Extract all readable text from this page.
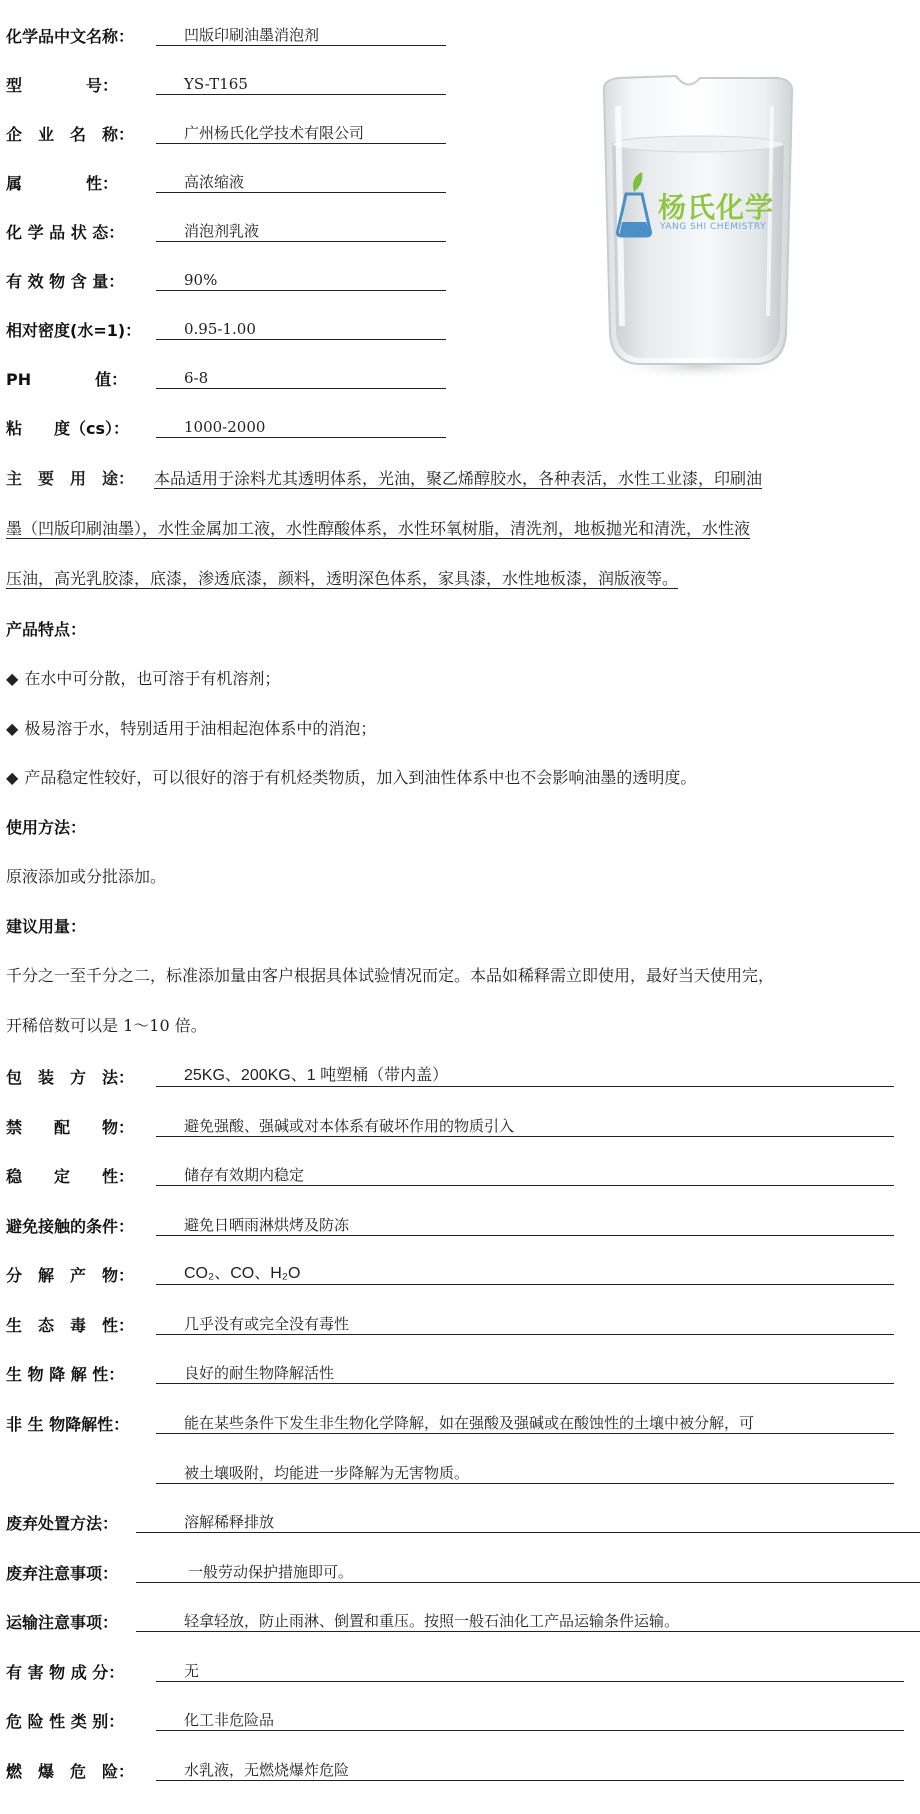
化学品中文名称：	凹版印刷油墨消泡剂
型　　　　号：	YS-T165
企　业　名　称：	广州杨氏化学技术有限公司
属　　　　性：	高浓缩液
化 学 品 状 态：	消泡剂乳液
有 效 物 含 量：	90%
相对密度(水=1)：	0.95-1.00
PH　　　　值：	6-8
粘　　度（cs）：	1000-2000
杨氏化学
YANG SHI CHEMISTRY
主　要　用　途： 本品适用于涂料尤其透明体系，光油，聚乙烯醇胶水，各种表活，水性工业漆，印刷油
墨（凹版印刷油墨），水性金属加工液，水性醇酸体系，水性环氧树脂，清洗剂，地板抛光和清洗，水性液
压油，高光乳胶漆，底漆，渗透底漆，颜料，透明深色体系，家具漆，水性地板漆，润版液等。
产品特点：
◆ 在水中可分散，也可溶于有机溶剂；
◆ 极易溶于水，特别适用于油相起泡体系中的消泡；
◆ 产品稳定性较好，可以很好的溶于有机烃类物质，加入到油性体系中也不会影响油墨的透明度。
使用方法：
原液添加或分批添加。
建议用量：
千分之一至千分之二，标准添加量由客户根据具体试验情况而定。本品如稀释需立即使用，最好当天使用完，
开稀倍数可以是 1～10 倍。
包　装　方　法：	25KG、200KG、1 吨塑桶（带内盖）
禁　　配　　物：	避免强酸、强碱或对本体系有破坏作用的物质引入
稳　　定　　性：	储存有效期内稳定
避免接触的条件：	避免日晒雨淋烘烤及防冻
分　解　产　物：	CO₂、CO、H₂O
生　态　毒　性：	几乎没有或完全没有毒性
生 物 降 解 性：	良好的耐生物降解活性
非 生 物降解性：	能在某些条件下发生非生物化学降解，如在强酸及强碱或在酸蚀性的土壤中被分解，可
被土壤吸附，均能进一步降解为无害物质。
废弃处置方法：	溶解稀释排放
废弃注意事项：	一般劳动保护措施即可。
运输注意事项：	轻拿轻放，防止雨淋、倒置和重压。按照一般石油化工产品运输条件运输。
有 害 物 成 分：	无
危 险 性 类 别：	化工非危险品
燃　爆　危　险：	水乳液，无燃烧爆炸危险
